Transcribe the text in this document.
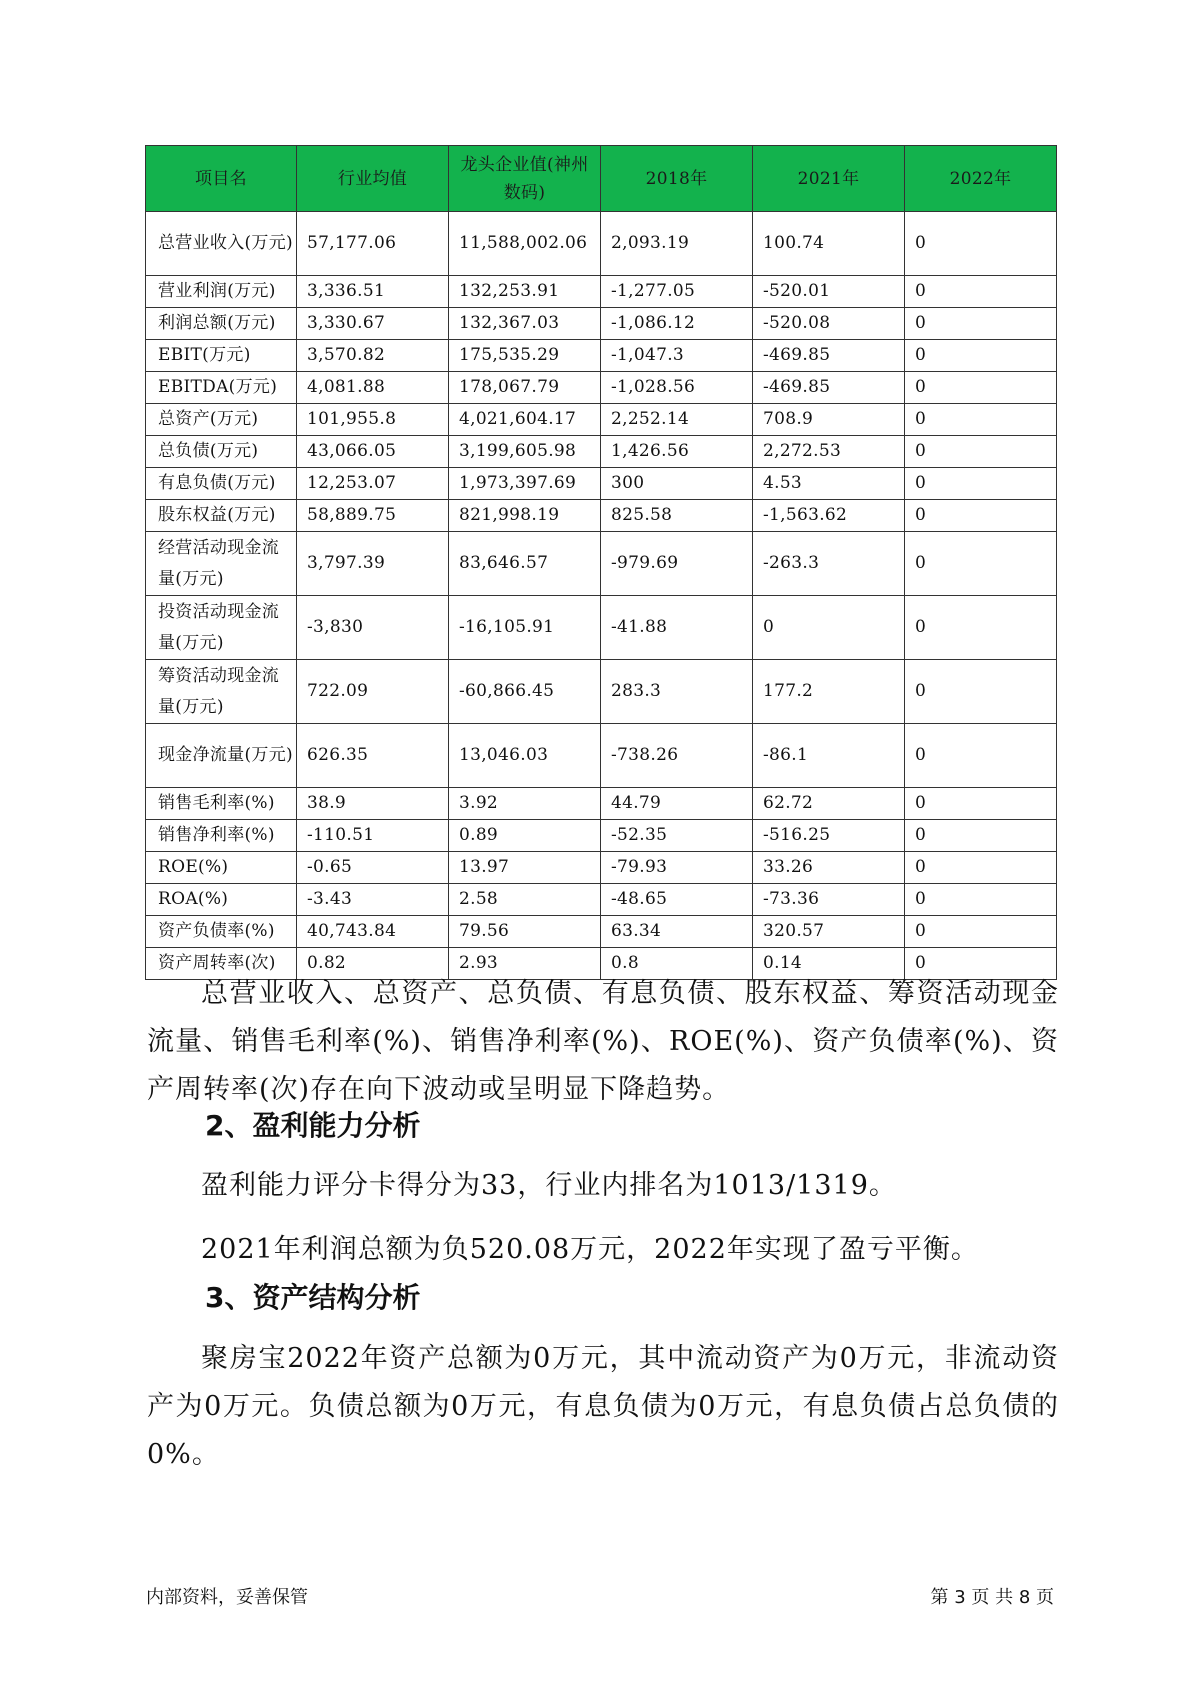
项目名	行业均值	龙头企业值(神州数码)	2018年	2021年	2022年
总营业收入(万元)	57,177.06	11,588,002.06	2,093.19	100.74	0
营业利润(万元)	3,336.51	132,253.91	-1,277.05	-520.01	0
利润总额(万元)	3,330.67	132,367.03	-1,086.12	-520.08	0
EBIT(万元)	3,570.82	175,535.29	-1,047.3	-469.85	0
EBITDA(万元)	4,081.88	178,067.79	-1,028.56	-469.85	0
总资产(万元)	101,955.8	4,021,604.17	2,252.14	708.9	0
总负债(万元)	43,066.05	3,199,605.98	1,426.56	2,272.53	0
有息负债(万元)	12,253.07	1,973,397.69	300	4.53	0
股东权益(万元)	58,889.75	821,998.19	825.58	-1,563.62	0
经营活动现金流量(万元)	3,797.39	83,646.57	-979.69	-263.3	0
投资活动现金流量(万元)	-3,830	-16,105.91	-41.88	0	0
筹资活动现金流量(万元)	722.09	-60,866.45	283.3	177.2	0
现金净流量(万元)	626.35	13,046.03	-738.26	-86.1	0
销售毛利率(%)	38.9	3.92	44.79	62.72	0
销售净利率(%)	-110.51	0.89	-52.35	-516.25	0
ROE(%)	-0.65	13.97	-79.93	33.26	0
ROA(%)	-3.43	2.58	-48.65	-73.36	0
资产负债率(%)	40,743.84	79.56	63.34	320.57	0
资产周转率(次)	0.82	2.93	0.8	0.14	0

总营业收入、总资产、总负债、有息负债、股东权益、筹资活动现金流量、销售毛利率(%)、销售净利率(%)、ROE(%)、资产负债率(%)、资产周转率(次)存在向下波动或呈明显下降趋势。

2、盈利能力分析

盈利能力评分卡得分为33，行业内排名为1013/1319。

2021年利润总额为负520.08万元，2022年实现了盈亏平衡。

3、资产结构分析

聚房宝2022年资产总额为0万元，其中流动资产为0万元，非流动资产为0万元。负债总额为0万元，有息负债为0万元，有息负债占总负债的0%。

内部资料，妥善保管	第 3 页 共 8 页
